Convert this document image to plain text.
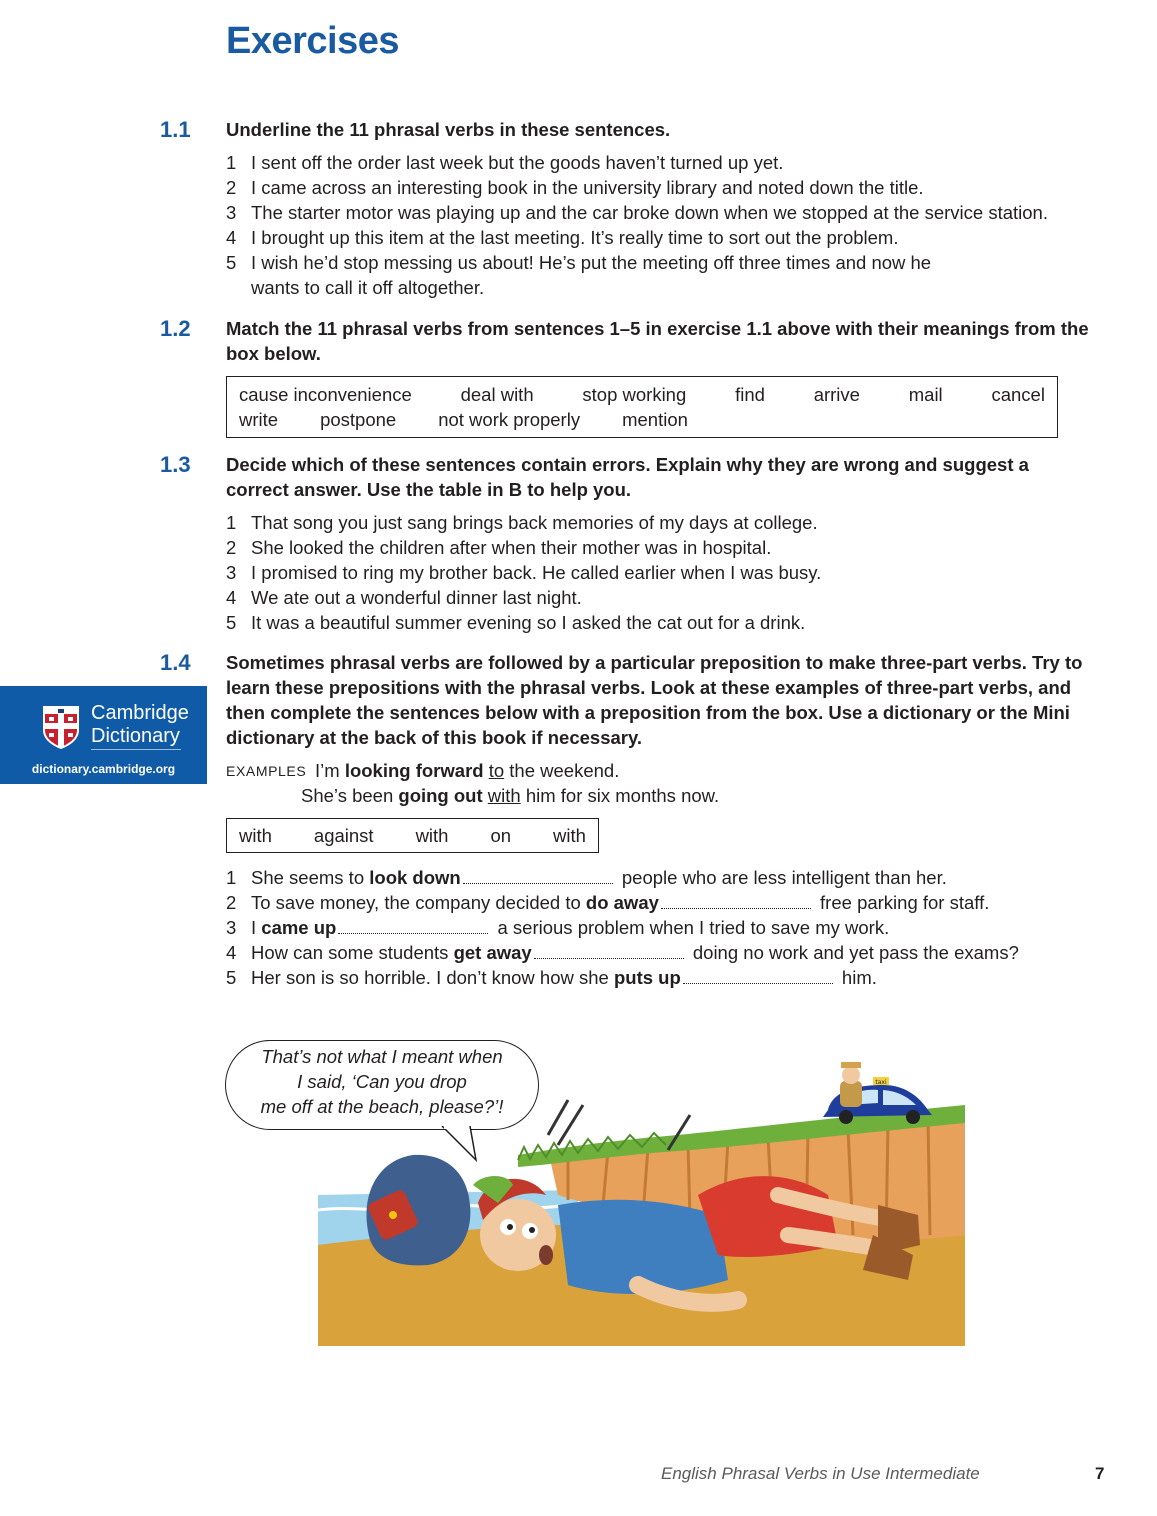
Exercises
1.1 Underline the 11 phrasal verbs in these sentences.
1 I sent off the order last week but the goods haven’t turned up yet.
2 I came across an interesting book in the university library and noted down the title.
3 The starter motor was playing up and the car broke down when we stopped at the service station.
4 I brought up this item at the last meeting. It’s really time to sort out the problem.
5 I wish he’d stop messing us about! He’s put the meeting off three times and now he
wants to call it off altogether.
1.2 Match the 11 phrasal verbs from sentences 1–5 in exercise 1.1 above with their meanings from the box below.
cause inconvenience	deal with	stop working	find	arrive	mail	cancel
write postpone not work properly mention
1.3 Decide which of these sentences contain errors. Explain why they are wrong and suggest a correct answer. Use the table in B to help you.
1 That song you just sang brings back memories of my days at college.
2 She looked the children after when their mother was in hospital.
3 I promised to ring my brother back. He called earlier when I was busy.
4 We ate out a wonderful dinner last night.
5 It was a beautiful summer evening so I asked the cat out for a drink.
1.4 Sometimes phrasal verbs are followed by a particular preposition to make three-part verbs. Try to learn these prepositions with the phrasal verbs. Look at these examples of three-part verbs, and then complete the sentences below with a preposition from the box. Use a dictionary or the Mini dictionary at the back of this book if necessary.
EXAMPLES I’m looking forward to the weekend.
She’s been going out with him for six months now.
with against with on with
1 She seems to look down	people who are less intelligent than her.
2 To save money, the company decided to do away	free parking for staff.
3 I came up	a serious problem when I tried to save my work.
4 How can some students get away	doing no work and yet pass the exams?
5 Her son is so horrible. I don’t know how she puts up	him.
Cambridge
Dictionary
dictionary.cambridge.org
taxi
That’s not what I meant when
I said, ‘Can you drop
me off at the beach, please?’!
English Phrasal Verbs in Use Intermediate	7
